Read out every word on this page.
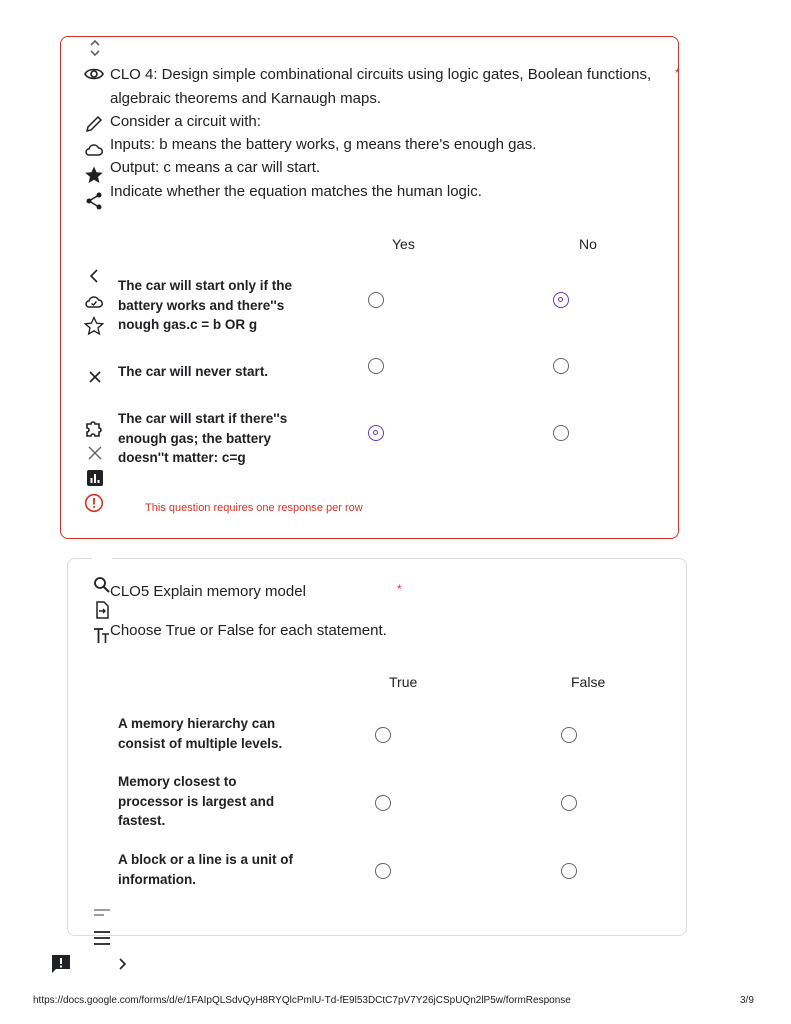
CLO 4: Design simple combinational circuits using logic gates, Boolean functions, *
algebraic theorems and Karnaugh maps.
Consider a circuit with:
Inputs: b means the battery works, g means there's enough gas.
Output: c means a car will start.
Indicate whether the equation matches the human logic.
Yes	No
The car will start only if the battery works and there''s nough gas.c = b OR g
The car will never start.
The car will start if there''s enough gas; the battery doesn''t matter: c=g
This question requires one response per row
CLO5 Explain memory model	*
Choose True or False for each statement.
True	False
A memory hierarchy can consist of multiple levels.
Memory closest to processor is largest and fastest.
A block or a line is a unit of information.
https://docs.google.com/forms/d/e/1FAIpQLSdvQyH8RYQlcPmlU-Td-fE9l53DCtC7pV7Y26jCSpUQn2lP5w/formResponse	3/9
